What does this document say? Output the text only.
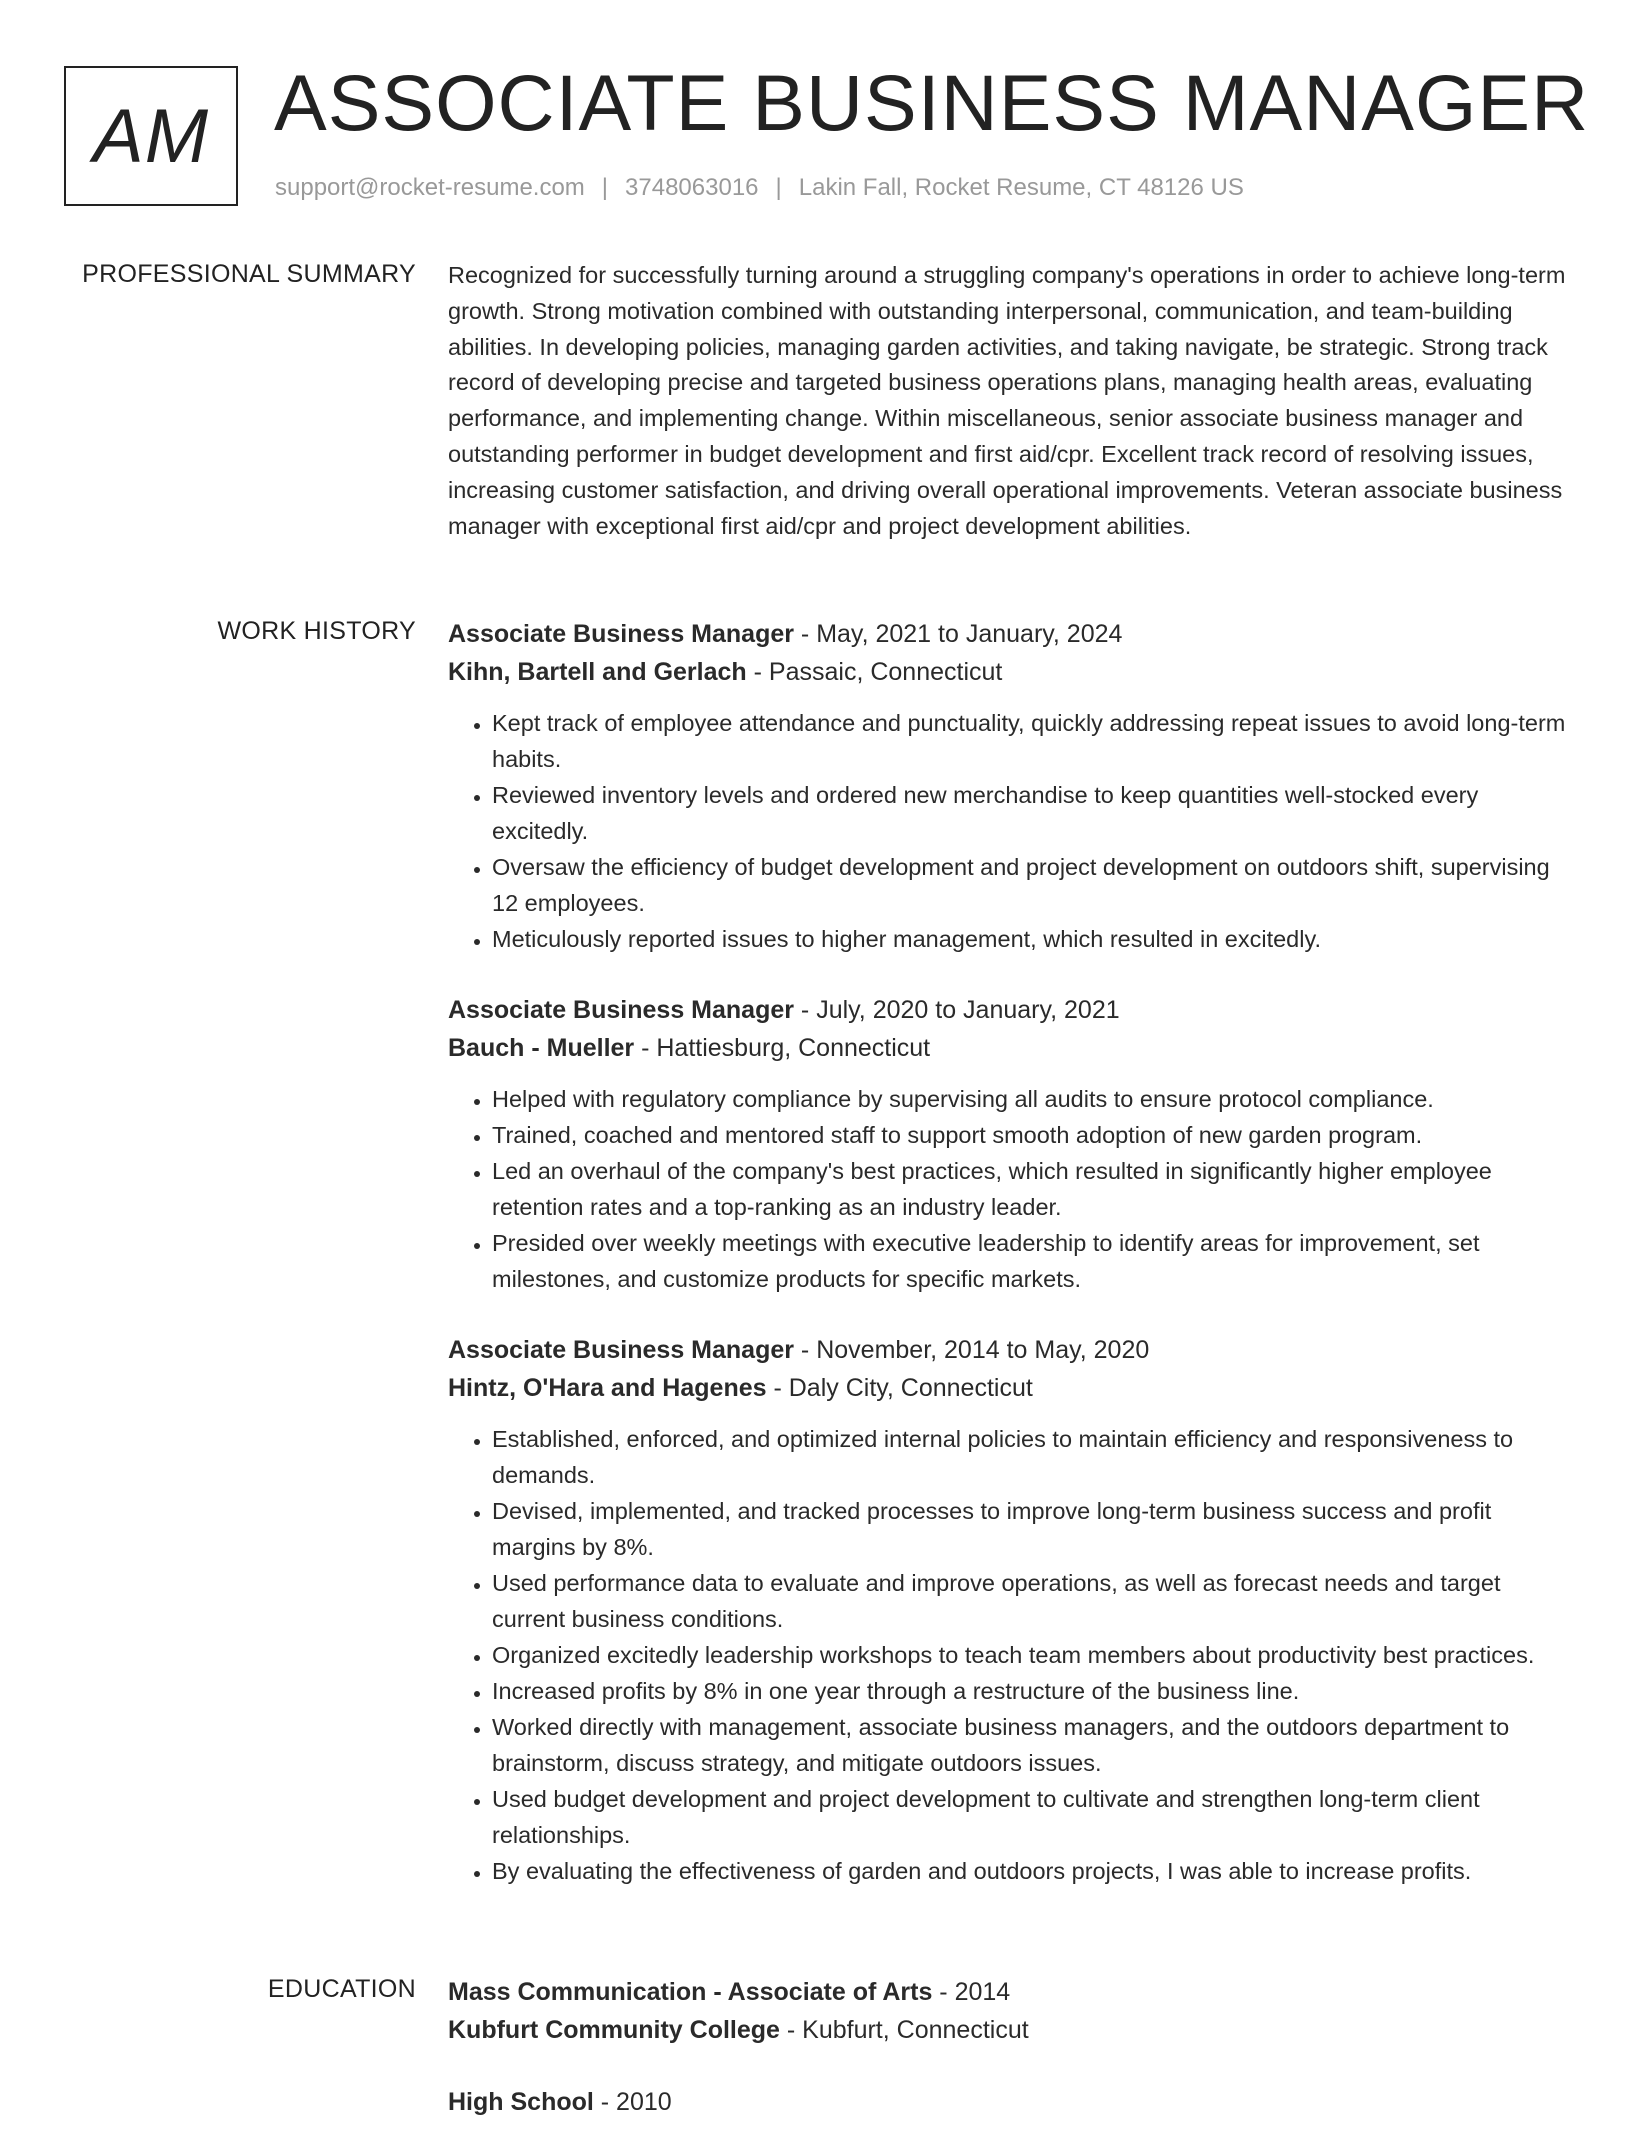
AM ASSOCIATE BUSINESS MANAGER
support@rocket-resume.com | 3748063016 | Lakin Fall, Rocket Resume, CT 48126 US
PROFESSIONAL SUMMARY Recognized for successfully turning around a struggling company's operations in order to achieve long-term growth. Strong motivation combined with outstanding interpersonal, communication, and team-building abilities. In developing policies, managing garden activities, and taking navigate, be strategic. Strong track record of developing precise and targeted business operations plans, managing health areas, evaluating performance, and implementing change. Within miscellaneous, senior associate business manager and outstanding performer in budget development and first aid/cpr. Excellent track record of resolving issues, increasing customer satisfaction, and driving overall operational improvements. Veteran associate business manager with exceptional first aid/cpr and project development abilities.

WORK HISTORY Associate Business Manager - May, 2021 to January, 2024
Kihn, Bartell and Gerlach - Passaic, Connecticut
• Kept track of employee attendance and punctuality, quickly addressing repeat issues to avoid long-term habits.
• Reviewed inventory levels and ordered new merchandise to keep quantities well-stocked every excitedly.
• Oversaw the efficiency of budget development and project development on outdoors shift, supervising 12 employees.
• Meticulously reported issues to higher management, which resulted in excitedly.
Associate Business Manager - July, 2020 to January, 2021
Bauch - Mueller - Hattiesburg, Connecticut
• Helped with regulatory compliance by supervising all audits to ensure protocol compliance.
• Trained, coached and mentored staff to support smooth adoption of new garden program.
• Led an overhaul of the company's best practices, which resulted in significantly higher employee retention rates and a top-ranking as an industry leader.
• Presided over weekly meetings with executive leadership to identify areas for improvement, set milestones, and customize products for specific markets.
Associate Business Manager - November, 2014 to May, 2020
Hintz, O'Hara and Hagenes - Daly City, Connecticut
• Established, enforced, and optimized internal policies to maintain efficiency and responsiveness to demands.
• Devised, implemented, and tracked processes to improve long-term business success and profit margins by 8%.
• Used performance data to evaluate and improve operations, as well as forecast needs and target current business conditions.
• Organized excitedly leadership workshops to teach team members about productivity best practices.
• Increased profits by 8% in one year through a restructure of the business line.
• Worked directly with management, associate business managers, and the outdoors department to brainstorm, discuss strategy, and mitigate outdoors issues.
• Used budget development and project development to cultivate and strengthen long-term client relationships.
• By evaluating the effectiveness of garden and outdoors projects, I was able to increase profits.
EDUCATION Mass Communication - Associate of Arts - 2014
Kubfurt Community College - Kubfurt, Connecticut
High School - 2010
